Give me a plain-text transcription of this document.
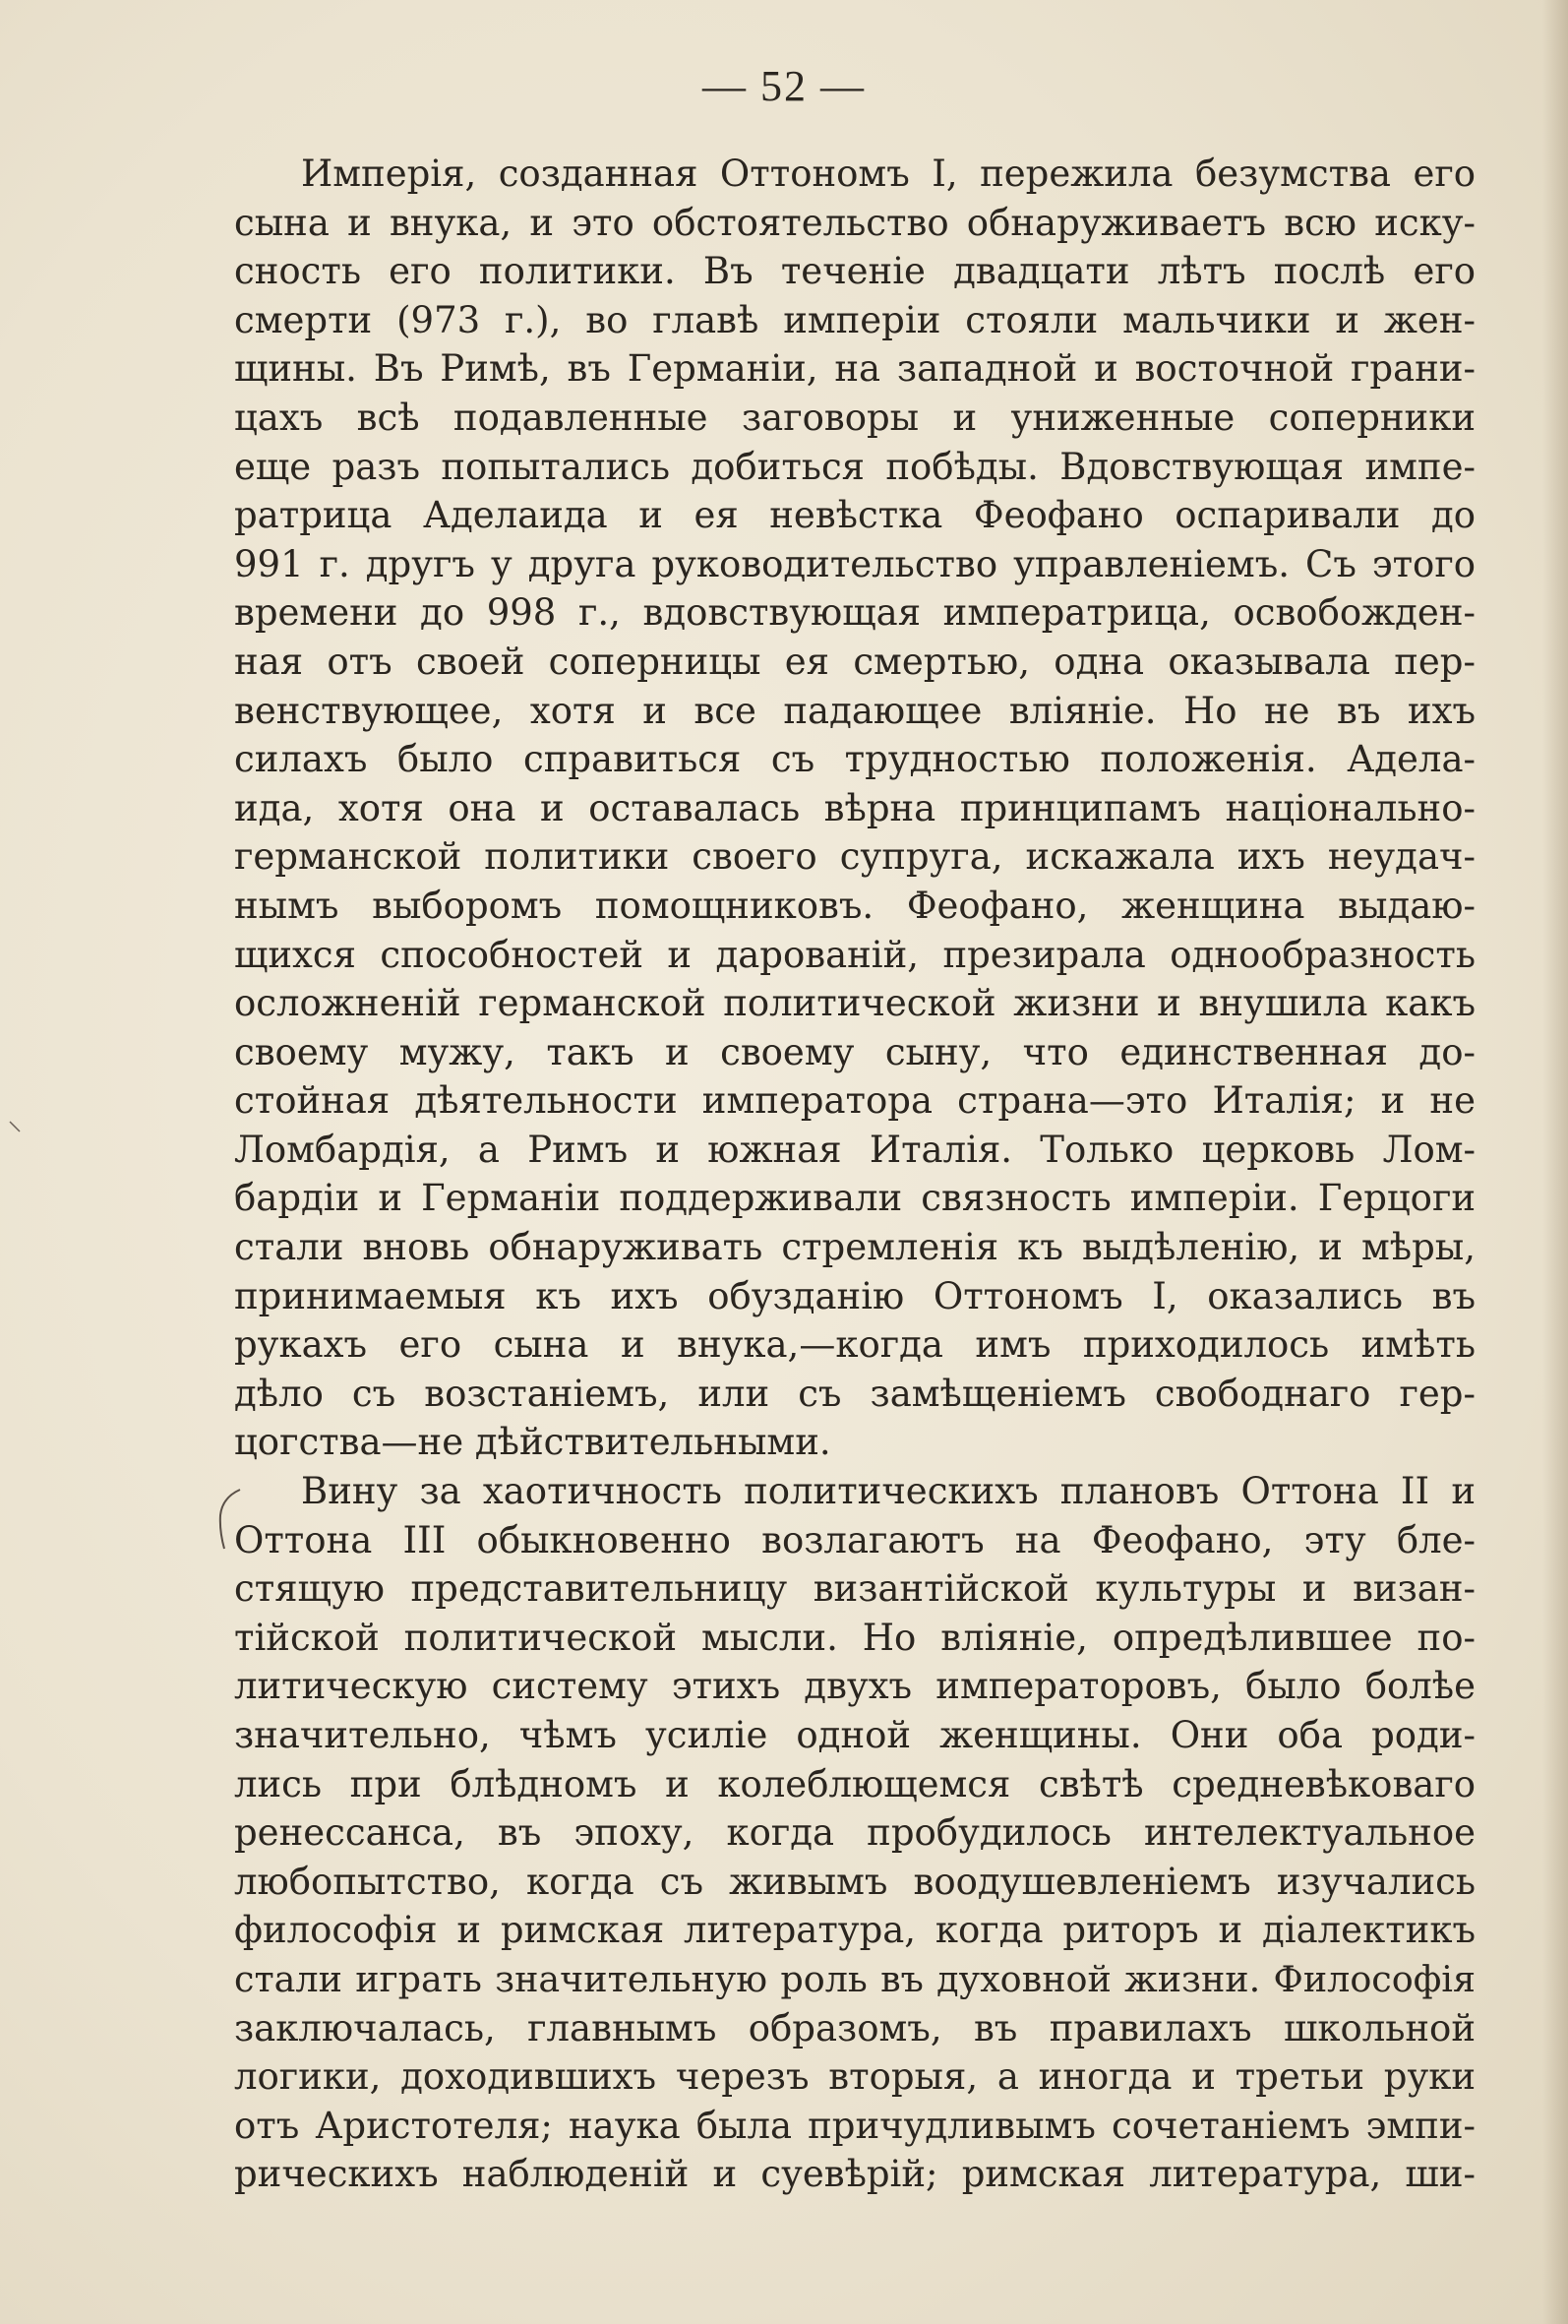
— 52 —
Имперія, созданная Оттономъ I, пережила безумства его
сына и внука, и это обстоятельство обнаруживаетъ всю иску-
сность его политики. Въ теченіе двадцати лѣтъ послѣ его
смерти (973 г.), во главѣ имперіи стояли мальчики и жен-
щины. Въ Римѣ, въ Германіи, на западной и восточной грани-
цахъ всѣ подавленные заговоры и униженные соперники
еще разъ попытались добиться побѣды. Вдовствующая импе-
ратрица Аделаида и ея невѣстка Феофано оспаривали до
991 г. другъ у друга руководительство управленіемъ. Съ этого
времени до 998 г., вдовствующая императрица, освобожден-
ная отъ своей соперницы ея смертью, одна оказывала пер-
венствующее, хотя и все падающее вліяніе. Но не въ ихъ
силахъ было справиться съ трудностью положенія. Адела-
ида, хотя она и оставалась вѣрна принципамъ національно-
германской политики своего супруга, искажала ихъ неудач-
нымъ выборомъ помощниковъ. Феофано, женщина выдаю-
щихся способностей и дарованій, презирала однообразность
осложненій германской политической жизни и внушила какъ
своему мужу, такъ и своему сыну, что единственная до-
стойная дѣятельности императора страна—это Италія; и не
Ломбардія, а Римъ и южная Италія. Только церковь Лом-
бардіи и Германіи поддерживали связность имперіи. Герцоги
стали вновь обнаруживать стремленія къ выдѣленію, и мѣры,
принимаемыя къ ихъ обузданію Оттономъ I, оказались въ
рукахъ его сына и внука,—когда имъ приходилось имѣть
дѣло съ возстаніемъ, или съ замѣщеніемъ свободнаго гер-
цогства—не дѣйствительными.
Вину за хаотичность политическихъ плановъ Оттона II и
Оттона III обыкновенно возлагаютъ на Феофано, эту бле-
стящую представительницу византійской культуры и визан-
тійской политической мысли. Но вліяніе, опредѣлившее по-
литическую систему этихъ двухъ императоровъ, было болѣе
значительно, чѣмъ усиліе одной женщины. Они оба роди-
лись при блѣдномъ и колеблющемся свѣтѣ средневѣковаго
ренессанса, въ эпоху, когда пробудилось интелектуальное
любопытство, когда съ живымъ воодушевленіемъ изучались
философія и римская литература, когда риторъ и діалектикъ
стали играть значительную роль въ духовной жизни. Философія
заключалась, главнымъ образомъ, въ правилахъ школьной
логики, доходившихъ черезъ вторыя, а иногда и третьи руки
отъ Аристотеля; наука была причудливымъ сочетаніемъ эмпи-
рическихъ наблюденій и суевѣрій; римская литература, ши-
